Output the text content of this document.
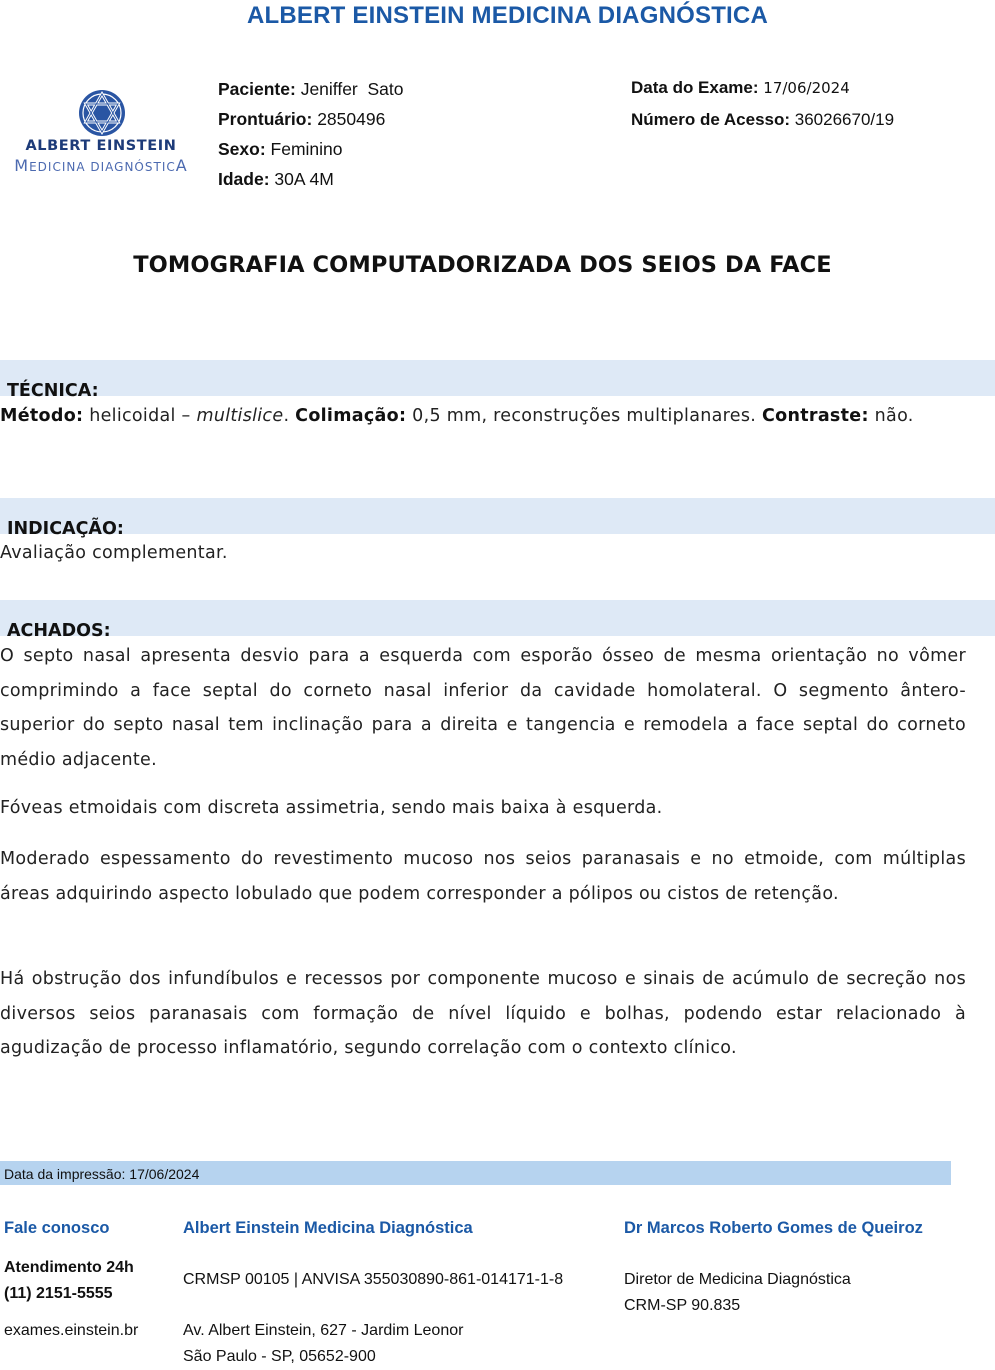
ALBERT EINSTEIN MEDICINA DIAGNÓSTICA
ALBERT EINSTEIN
MEDICINA DIAGNÓSTICA
Paciente: Jeniffer  Sato
Prontuário: 2850496
Sexo: Feminino
Idade: 30A 4M
Data do Exame: 17/06/2024
Número de Acesso: 36026670/19
TOMOGRAFIA COMPUTADORIZADA DOS SEIOS DA FACE
TÉCNICA:
Método: helicoidal – multislice. Colimação: 0,5 mm, reconstruções multiplanares. Contraste: não.
INDICAÇÃO:
Avaliação complementar.
ACHADOS:
O septo nasal apresenta desvio para a esquerda com esporão ósseo de mesma orientação no vômer comprimindo a face septal do corneto nasal inferior da cavidade homolateral. O segmento ântero-superior do septo nasal tem inclinação para a direita e tangencia e remodela a face septal do corneto médio adjacente.
Fóveas etmoidais com discreta assimetria, sendo mais baixa à esquerda.
Moderado espessamento do revestimento mucoso nos seios paranasais e no etmoide, com múltiplas áreas adquirindo aspecto lobulado que podem corresponder a pólipos ou cistos de retenção.
Há obstrução dos infundíbulos e recessos por componente mucoso e sinais de acúmulo de secreção nos diversos seios paranasais com formação de nível líquido e bolhas, podendo estar relacionado à agudização de processo inflamatório, segundo correlação com o contexto clínico.
Data da impressão: 17/06/2024
Fale conosco
Atendimento 24h
(11) 2151-5555
exames.einstein.br
Albert Einstein Medicina Diagnóstica
CRMSP 00105 | ANVISA 355030890-861-014171-1-8
Av. Albert Einstein, 627 - Jardim Leonor
São Paulo - SP, 05652-900
Dr Marcos Roberto Gomes de Queiroz
Diretor de Medicina Diagnóstica
CRM-SP 90.835
